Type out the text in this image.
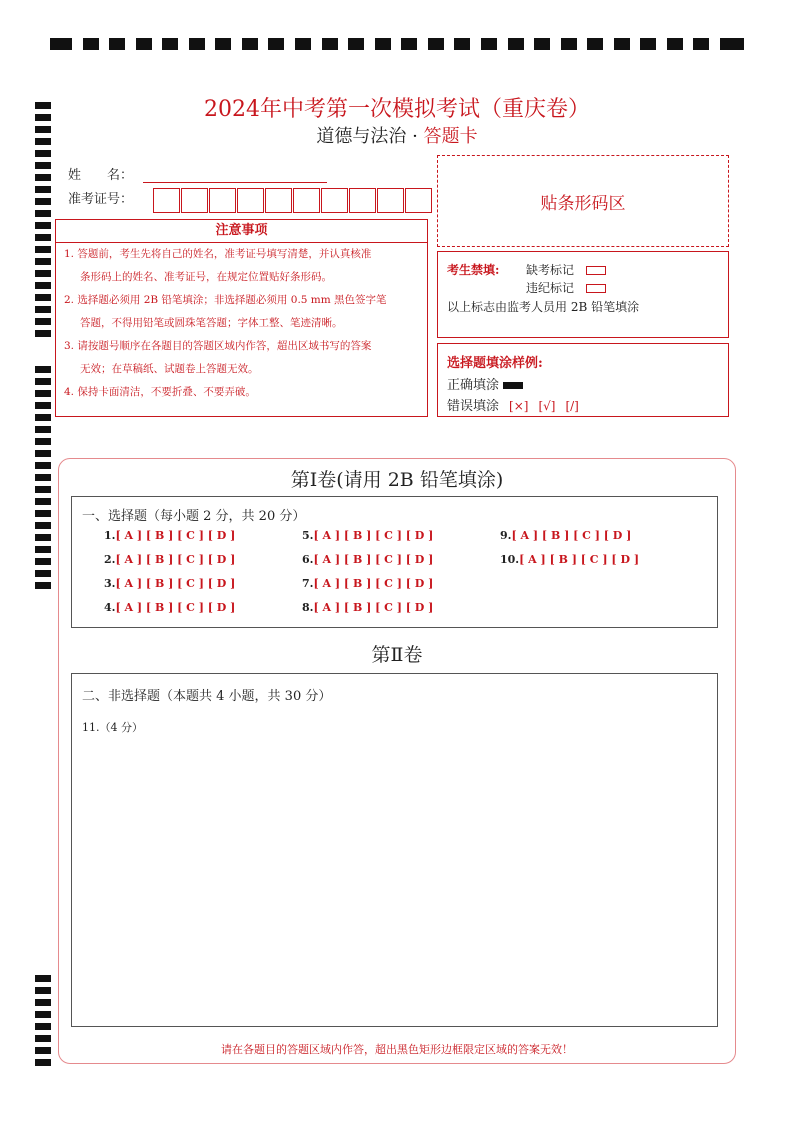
2024年中考第一次模拟考试（重庆卷）
道德与法治 · 答题卡
姓　　名：
准考证号：	贴条形码区
注意事项
1. 答题前，考生先将自己的姓名，准考证号填写清楚，并认真核准
条形码上的姓名、准考证号，在规定位置贴好条形码。
2. 选择题必须用 2B 铅笔填涂；非选择题必须用 0.5 mm 黑色签字笔
答题，不得用铅笔或圆珠笔答题；字体工整、笔迹清晰。
3. 请按题号顺序在各题目的答题区域内作答，超出区域书写的答案
无效；在草稿纸、试题卷上答题无效。
4. 保持卡面清洁，不要折叠、不要弄破。
考生禁填: 缺考标记
违纪标记
以上标志由监考人员用 2B 铅笔填涂
选择题填涂样例:
正确填涂
错误填涂 [×] [√] [/]
第Ⅰ卷(请用 2B 铅笔填涂)
一、选择题（每小题 2 分，共 20 分）
1.[ A ] [ B ] [ C ] [ D ]
2.[ A ] [ B ] [ C ] [ D ]
3.[ A ] [ B ] [ C ] [ D ]
4.[ A ] [ B ] [ C ] [ D ]
5.[ A ] [ B ] [ C ] [ D ]
6.[ A ] [ B ] [ C ] [ D ]
7.[ A ] [ B ] [ C ] [ D ]
8.[ A ] [ B ] [ C ] [ D ]
9.[ A ] [ B ] [ C ] [ D ]
10.[ A ] [ B ] [ C ] [ D ]
第Ⅱ卷
二、非选择题（本题共 4 小题，共 30 分）
11.（4 分）
请在各题目的答题区域内作答，超出黑色矩形边框限定区域的答案无效！
